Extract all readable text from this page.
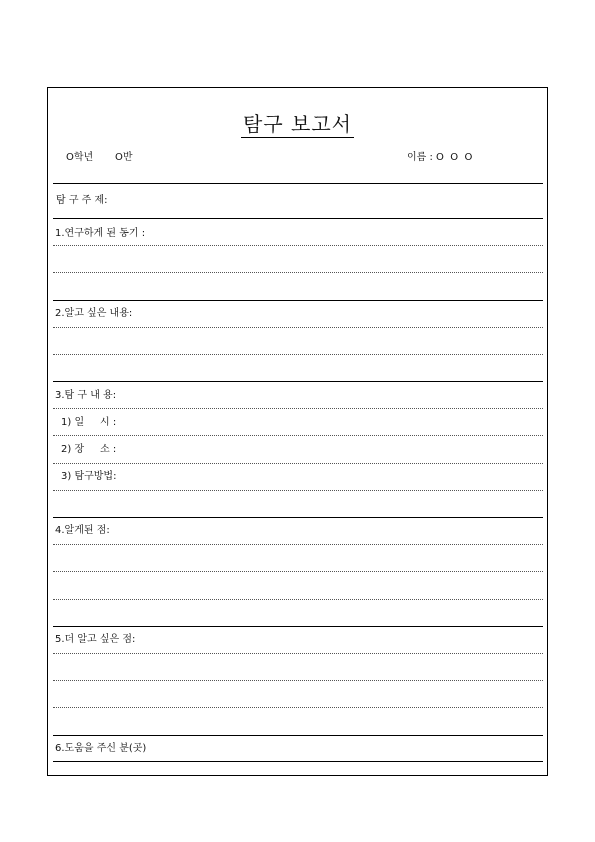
탐구 보고서
O학년 O반	이름 : O  O  O
탐 구 주 제:
1.연구하게 된 동기 :
2.알고 싶은 내용:
3.탐 구 내 용:
1) 일     시 :
2) 장     소 :
3) 탐구방법:
4.알게된 점:
5.더 알고 싶은 점:
6.도움을 주신 분(곳)
